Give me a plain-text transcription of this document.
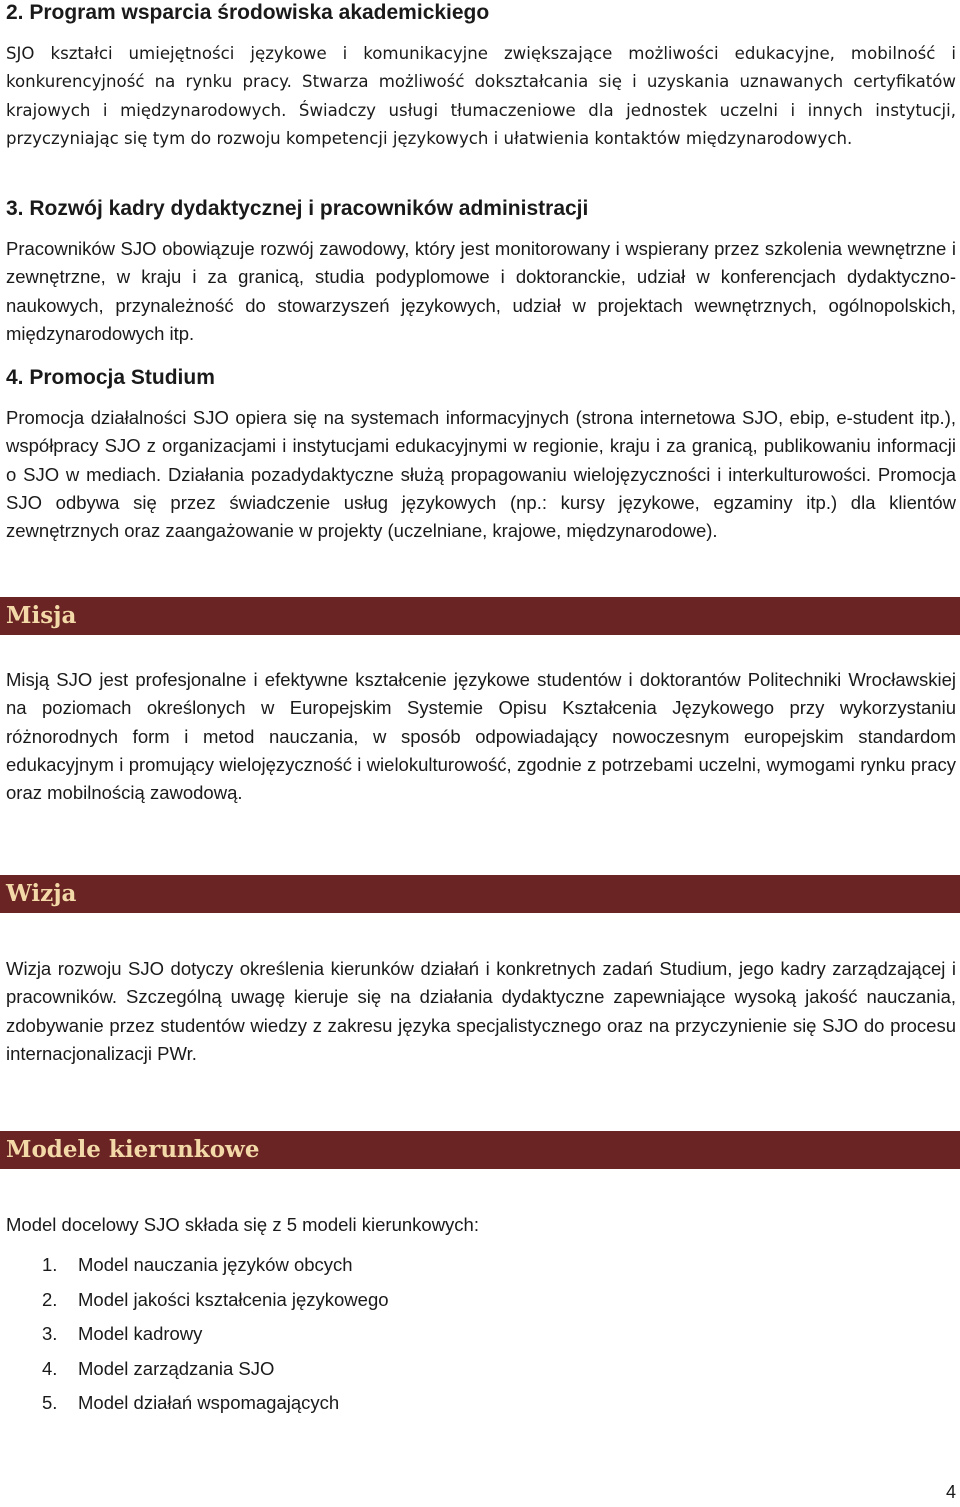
2. Program wsparcia środowiska akademickiego

SJO kształci umiejętności językowe i komunikacyjne zwiększające możliwości edukacyjne, mobilność i konkurencyjność na rynku pracy. Stwarza możliwość dokształcania się i uzyskania uznawanych certyfikatów krajowych i międzynarodowych. Świadczy usługi tłumaczeniowe dla jednostek uczelni i innych instytucji, przyczyniając się tym do rozwoju kompetencji językowych i ułatwienia kontaktów międzynarodowych.

3. Rozwój kadry dydaktycznej i pracowników administracji

Pracowników SJO obowiązuje rozwój zawodowy, który jest monitorowany i wspierany przez szkolenia wewnętrzne i zewnętrzne, w kraju i za granicą, studia podyplomowe i doktoranckie, udział w konferencjach dydaktyczno-naukowych, przynależność do stowarzyszeń językowych, udział w projektach wewnętrznych, ogólnopolskich, międzynarodowych itp.

4. Promocja Studium

Promocja działalności SJO opiera się na systemach informacyjnych (strona internetowa SJO, ebip, e-student itp.), współpracy SJO z organizacjami i instytucjami edukacyjnymi w regionie, kraju i za granicą, publikowaniu informacji o SJO w mediach. Działania pozadydaktyczne służą propagowaniu wielojęzyczności i interkulturowości. Promocja SJO odbywa się przez świadczenie usług językowych (np.: kursy językowe, egzaminy itp.) dla klientów zewnętrznych oraz zaangażowanie w projekty (uczelniane, krajowe, międzynarodowe).

Misja

Misją SJO jest profesjonalne i efektywne kształcenie językowe studentów i doktorantów Politechniki Wrocławskiej na poziomach określonych w Europejskim Systemie Opisu Kształcenia Językowego przy wykorzystaniu różnorodnych form i metod nauczania, w sposób odpowiadający nowoczesnym europejskim standardom edukacyjnym i promujący wielojęzyczność i wielokulturowość, zgodnie z potrzebami uczelni, wymogami rynku pracy oraz mobilnością zawodową.

Wizja

Wizja rozwoju SJO dotyczy określenia kierunków działań i konkretnych zadań Studium, jego kadry zarządzającej i pracowników. Szczególną uwagę kieruje się na działania dydaktyczne zapewniające wysoką jakość nauczania, zdobywanie przez studentów wiedzy z zakresu języka specjalistycznego oraz na przyczynienie się SJO do procesu internacjonalizacji PWr.

Modele kierunkowe

Model docelowy SJO składa się z 5 modeli kierunkowych:

1.	Model nauczania języków obcych
2.	Model jakości kształcenia językowego
3.	Model kadrowy
4.	Model zarządzania SJO
5.	Model działań wspomagających
4
